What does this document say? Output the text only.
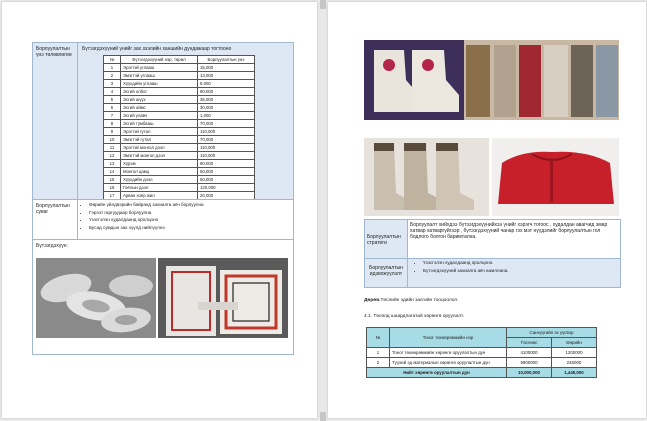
Борлуулалтын үнэ төлөвлөгөө
Бүтээгдэхүүний үнийг зах зээлийн ханшийн дундажаар тогтооно
№	Бүтээгдэхүүний нэр, төрөл	Борлуулалтын үнэ
1	Эрэгтэй углааш	15,000
2	Эмэгтэй углааш	13,000
3	Хүүхдийн углааш	8,000
4	Эсгий олбог	80,000
5	Эсгий шүүх	35,000
6	Эсгий оймс	30,000
7	Эсгий улавч	1,000
8	Эсгий тумбааш	70,000
9	Эрэгтэй гутал	110,000
10	Эмэгтэй гутал	70,000
11	Эрэгтэй монгол дээл	110,000
12	Эмэгтэй монгол дээл	110,000
13	Хүрэм	80,000
14	Монгол цамц	50,000
15	Хүүхдийн дээл	50,000
16	Гоёлын дээл	120,000
17	Арван хоёр жил	20,000
Борлуулалтын суваг
• Өөрийн үйлдвэрийн байранд захиалга авч борлуулна
• Гэрээт гаргуудаар борлуулна
• Үзэсгэлэн худалдаанд оролцоно
• Бусад сумдын зах хүүлд нийлүүлнэ
Бүтээгдэхүүн:
Борлуулалтын стратеги
Борлуулалт хийхдээ бүтээгдэхүүнийхээ үнийг хэрэгч тогоос , худалдан авагчид эмар хатвар хатваргүйгээр , бүтээгдэхүүний чанар гэх мэт нүүдэлийг борлуулалтын гол бодлого болгон баримтална.
Борлуулалтын идэвхжүүлэлт
• Үзэсгэлэн худалдаанд оролцоно.
• Бүтээгдэхүүний захиалга авч ажиллана.
Дөрөв.Төслийн эдийн засгийн тооцоолол.
4.1. Төсөлд шаардлагатай хөрөнгө оруулалт.
№	Тоног төхөөрөмжийн нэр	Санхүүгийн эх үүсвэр	
		Төслөөс	Өөрийн
1	Тоног төхөөрөмжийн хөрөнгө оруулалтын дүн	4100000	1200000
2	Түүхий эд материалын хөрөнгө оруулалтын дүн	5900000	245000
Нийт хөрөнгө оруулалтын дүн		10,000,000	1,445,000
